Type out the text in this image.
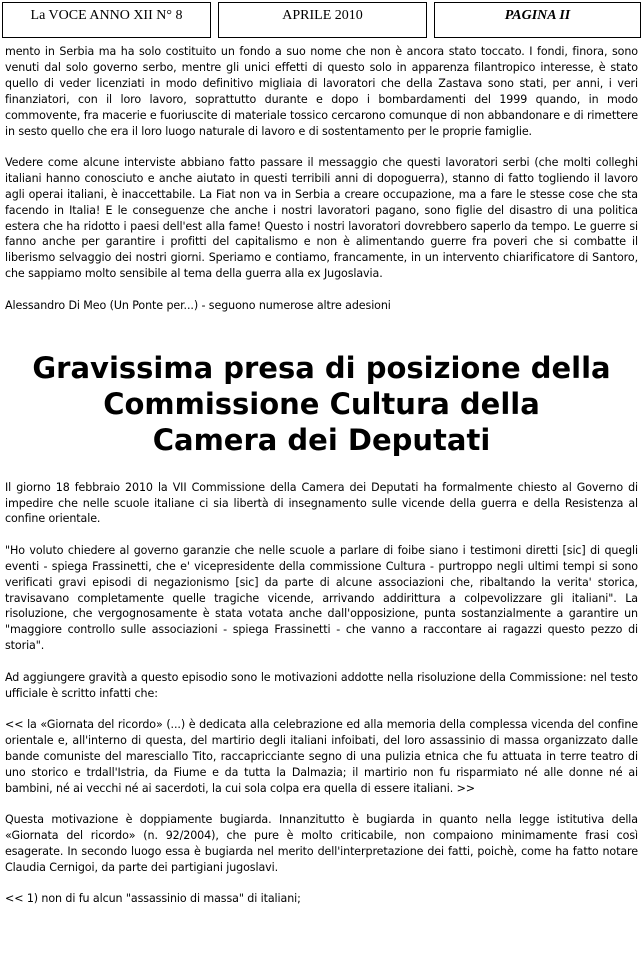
La VOCE ANNO XII N° 8	APRILE 2010	PAGINA II

mento in Serbia ma ha solo costituito un fondo a suo nome che non è ancora stato toccato. I fondi, finora, sono venuti dal solo governo serbo, mentre gli unici effetti di questo solo in apparenza filantropico interesse, è stato quello di veder licenziati in modo definitivo migliaia di lavoratori che della Zastava sono stati, per anni, i veri finanziatori, con il loro lavoro, soprattutto durante e dopo i bombardamenti del 1999 quando, in modo commovente, fra macerie e fuoriuscite di materiale tossico cercarono comunque di non abbandonare e di rimettere in sesto quello che era il loro luogo naturale di lavoro e di sostentamento per le proprie famiglie.

Vedere come alcune interviste abbiano fatto passare il messaggio che questi lavoratori serbi (che molti colleghi italiani hanno conosciuto e anche aiutato in questi terribili anni di dopoguerra), stanno di fatto togliendo il lavoro agli operai italiani, è inaccettabile. La Fiat non va in Serbia a creare occupazione, ma a fare le stesse cose che sta facendo in Italia! E le conseguenze che anche i nostri lavoratori pagano, sono figlie del disastro di una politica estera che ha ridotto i paesi dell'est alla fame! Questo i nostri lavoratori dovrebbero saperlo da tempo. Le guerre si fanno anche per garantire i profitti del capitalismo e non è alimentando guerre fra poveri che si combatte il liberismo selvaggio dei nostri giorni. Speriamo e contiamo, francamente, in un intervento chiarificatore di Santoro, che sappiamo molto sensibile al tema della guerra alla ex Jugoslavia.

Alessandro Di Meo (Un Ponte per...) - seguono numerose altre adesioni

Gravissima presa di posizione della
Commissione Cultura della
Camera dei Deputati

Il giorno 18 febbraio 2010 la VII Commissione della Camera dei Deputati ha formalmente chiesto al Governo di impedire che nelle scuole italiane ci sia libertà di insegnamento sulle vicende della guerra e della Resistenza al confine orientale.

"Ho voluto chiedere al governo garanzie che nelle scuole a parlare di foibe siano i testimoni diretti [sic] di quegli eventi - spiega Frassinetti, che e' vicepresidente della commissione Cultura - purtroppo negli ultimi tempi si sono verificati gravi episodi di negazionismo [sic] da parte di alcune associazioni che, ribaltando la verita' storica, travisavano completamente quelle tragiche vicende, arrivando addirittura a colpevolizzare gli italiani". La risoluzione, che vergognosamente è stata votata anche dall'opposizione, punta sostanzialmente a garantire un "maggiore controllo sulle associazioni - spiega Frassinetti - che vanno a raccontare ai ragazzi questo pezzo di storia".

Ad aggiungere gravità a questo episodio sono le motivazioni addotte nella risoluzione della Commissione: nel testo ufficiale è scritto infatti che:

<< la «Giornata del ricordo» (...) è dedicata alla celebrazione ed alla memoria della complessa vicenda del confine orientale e, all'interno di questa, del martirio degli italiani infoibati, del loro assassinio di massa organizzato dalle bande comuniste del maresciallo Tito, raccapricciante segno di una pulizia etnica che fu attuata in terre teatro di uno storico e trdall'Istria, da Fiume e da tutta la Dalmazia; il martirio non fu risparmiato né alle donne né ai bambini, né ai vecchi né ai sacerdoti, la cui sola colpa era quella di essere italiani. >>

Questa motivazione è doppiamente bugiarda. Innanzitutto è bugiarda in quanto nella legge istitutiva della «Giornata del ricordo» (n. 92/2004), che pure è molto criticabile, non compaiono minimamente frasi così esagerate. In secondo luogo essa è bugiarda nel merito dell'interpretazione dei fatti, poichè, come ha fatto notare Claudia Cernigoi, da parte dei partigiani jugoslavi.

<< 1) non di fu alcun "assassinio di massa" di italiani;
